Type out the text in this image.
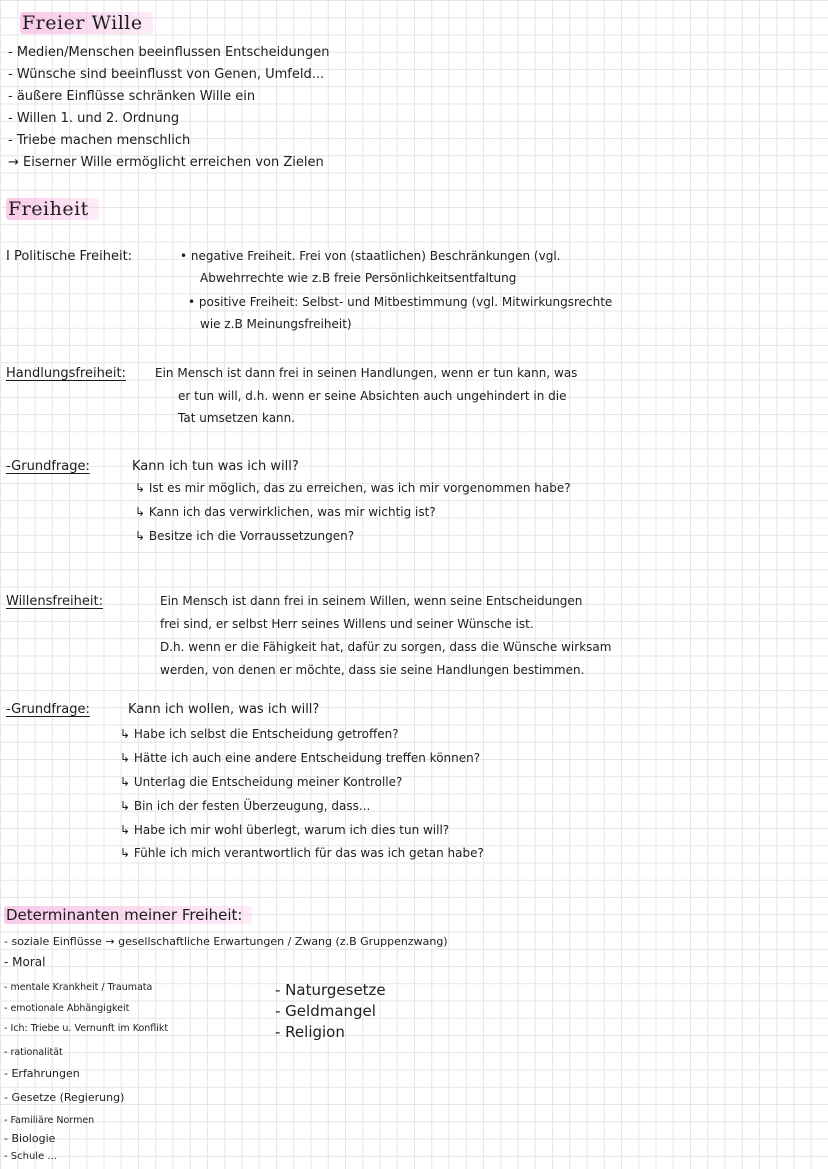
Freier Wille
- Medien/Menschen beeinflussen Entscheidungen
- Wünsche sind beeinflusst von Genen, Umfeld...
- äußere Einflüsse schränken Wille ein
- Willen 1. und 2. Ordnung
- Triebe machen menschlich
→ Eiserner Wille ermöglicht erreichen von Zielen
Freiheit
I Politische Freiheit:	• negative Freiheit. Frei von (staatlichen) Beschränkungen (vgl.
Abwehrrechte wie z.B freie Persönlichkeitsentfaltung
• positive Freiheit: Selbst- und Mitbestimmung (vgl. Mitwirkungsrechte
wie z.B Meinungsfreiheit)
Handlungsfreiheit: Ein Mensch ist dann frei in seinen Handlungen, wenn er tun kann, was
er tun will, d.h. wenn er seine Absichten auch ungehindert in die
Tat umsetzen kann.
-Grundfrage:	Kann ich tun was ich will?
↳ Ist es mir möglich, das zu erreichen, was ich mir vorgenommen habe?
↳ Kann ich das verwirklichen, was mir wichtig ist?
↳ Besitze ich die Vorraussetzungen?
Willensfreiheit:	Ein Mensch ist dann frei in seinem Willen, wenn seine Entscheidungen
frei sind, er selbst Herr seines Willens und seiner Wünsche ist.
D.h. wenn er die Fähigkeit hat, dafür zu sorgen, dass die Wünsche wirksam
werden, von denen er möchte, dass sie seine Handlungen bestimmen.
-Grundfrage:	Kann ich wollen, was ich will?
↳ Habe ich selbst die Entscheidung getroffen?
↳ Hätte ich auch eine andere Entscheidung treffen können?
↳ Unterlag die Entscheidung meiner Kontrolle?
↳ Bin ich der festen Überzeugung, dass...
↳ Habe ich mir wohl überlegt, warum ich dies tun will?
↳ Fühle ich mich verantwortlich für das was ich getan habe?
Determinanten meiner Freiheit:
- soziale Einflüsse → gesellschaftliche Erwartungen / Zwang (z.B Gruppenzwang)
- Moral
- mentale Krankheit / Traumata
- emotionale Abhängigkeit
- Ich: Triebe u. Vernunft im Konflikt
- rationalität
- Erfahrungen
- Gesetze (Regierung)
- Familiäre Normen
- Biologie
- Schule ...
- Naturgesetze
- Geldmangel
- Religion
